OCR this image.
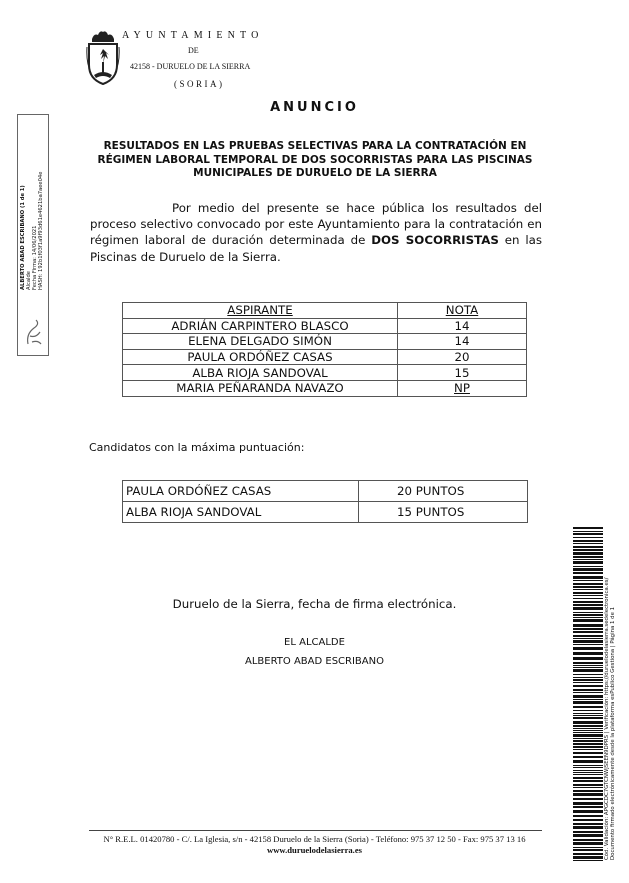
AYUNTAMIENTO
DE
42158 - DURUELO DE LA SIERRA
(SORIA)
ANUNCIO
RESULTADOS EN LAS PRUEBAS SELECTIVAS PARA LA CONTRATACIÓN EN RÉGIMEN LABORAL TEMPORAL DE DOS SOCORRISTAS PARA LAS PISCINAS MUNICIPALES DE DURUELO DE LA SIERRA
Por medio del presente se hace pública los resultados del proceso selectivo convocado por este Ayuntamiento para la contratación en régimen laboral de duración determinada de DOS SOCORRISTAS en las Piscinas de Duruelo de la Sierra.
ASPIRANTE	NOTA
ADRIÁN CARPINTERO BLASCO	14
ELENA DELGADO SIMÓN	14
PAULA ORDÓÑEZ CASAS	20
ALBA RIOJA SANDOVAL	15
MARIA PEÑARANDA NAVAZO	NP
Candidatos con la máxima puntuación:
PAULA ORDÓÑEZ CASAS	20 PUNTOS
ALBA RIOJA SANDOVAL	15 PUNTOS
Duruelo de la Sierra, fecha de firma electrónica.
EL ALCALDE
ALBERTO ABAD ESCRIBANO
N° R.E.L. 01420780 - C/. La Iglesia, s/n - 42158 Duruelo de la Sierra (Soria) - Teléfono: 975 37 12 50 - Fax: 975 37 13 16
www.duruelodelasierra.es
ALBERTO ABAD ESCRIBANO (1 de 1) Alcalde Fecha Firma: 14/06/2021 HASH: 192b1f03f1a9f93d61e4621ba7aee04e
Cód. Validación: APGCDC7GTCNWJSEEN9DPRS | Verificación: https://duruelodelasierra.sedelectronica.es/ Documento firmado electrónicamente desde la plataforma esPublico Gestiona | Página 1 de 1
